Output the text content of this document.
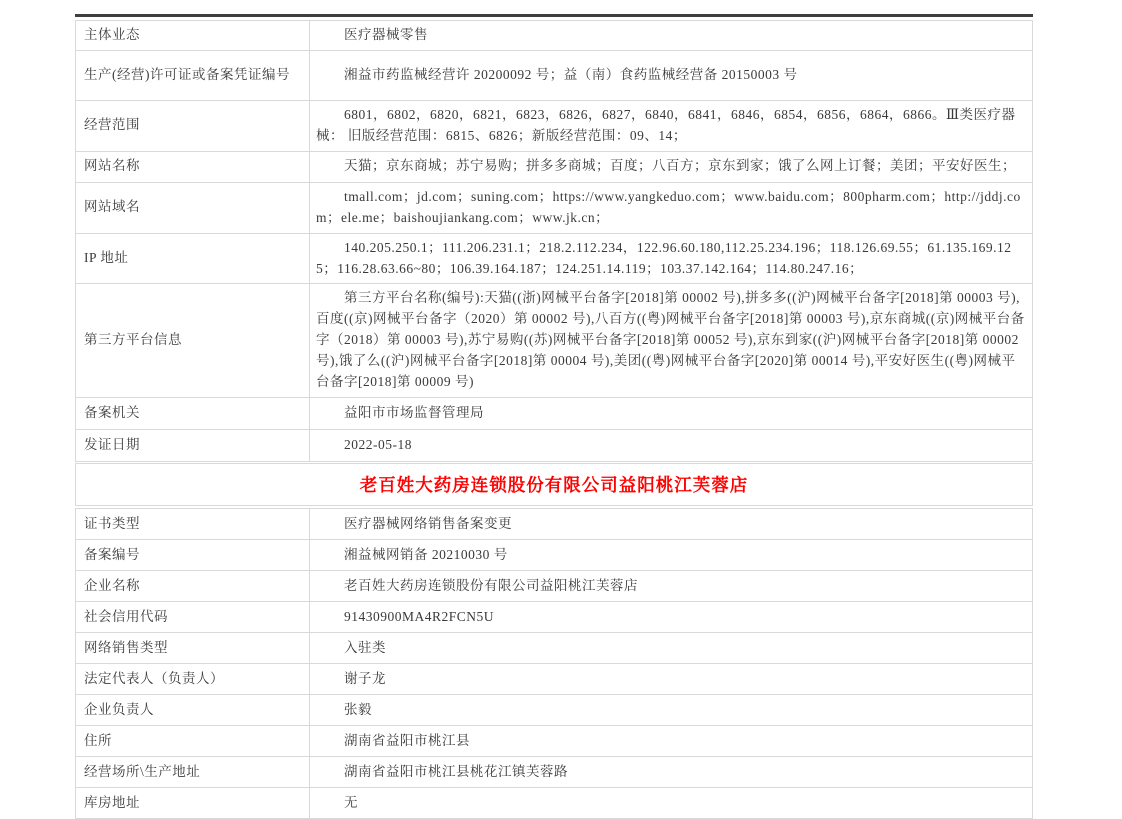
主体业态	医疗器械零售
生产(经营)许可证或备案凭证编号	湘益市药监械经营许 20200092 号；益（南）食药监械经营备 20150003 号
经营范围	6801，6802，6820，6821，6823，6826，6827，6840，6841，6846，6854，6856，6864，6866。Ⅲ类医疗器械： 旧版经营范围：6815、6826；新版经营范围：09、14；
网站名称	天猫；京东商城；苏宁易购；拼多多商城；百度；八百方；京东到家；饿了么网上订餐；美团；平安好医生；
网站域名	tmall.com；jd.com；suning.com；https://www.yangkeduo.com；www.baidu.com；800pharm.com；http://jddj.com；ele.me；baishoujiankang.com；www.jk.cn；
IP 地址	140.205.250.1；111.206.231.1；218.2.112.234，122.96.60.180,112.25.234.196；118.126.69.55；61.135.169.125；116.28.63.66~80；106.39.164.187；124.251.14.119；103.37.142.164；114.80.247.16；
第三方平台信息	第三方平台名称(编号):天猫((浙)网械平台备字[2018]第 00002 号),拼多多((沪)网械平台备字[2018]第 00003 号),百度((京)网械平台备字（2020）第 00002 号),八百方((粤)网械平台备字[2018]第 00003 号),京东商城((京)网械平台备字（2018）第 00003 号),苏宁易购((苏)网械平台备字[2018]第 00052 号),京东到家((沪)网械平台备字[2018]第 00002 号),饿了么((沪)网械平台备字[2018]第 00004 号),美团((粤)网械平台备字[2020]第 00014 号),平安好医生((粤)网械平台备字[2018]第 00009 号)
备案机关	益阳市市场监督管理局
发证日期	2022-05-18
老百姓大药房连锁股份有限公司益阳桃江芙蓉店
证书类型	医疗器械网络销售备案变更
备案编号	湘益械网销备 20210030 号
企业名称	老百姓大药房连锁股份有限公司益阳桃江芙蓉店
社会信用代码	91430900MA4R2FCN5U
网络销售类型	入驻类
法定代表人（负责人）	谢子龙
企业负责人	张毅
住所	湖南省益阳市桃江县
经营场所\生产地址	湖南省益阳市桃江县桃花江镇芙蓉路
库房地址	无
